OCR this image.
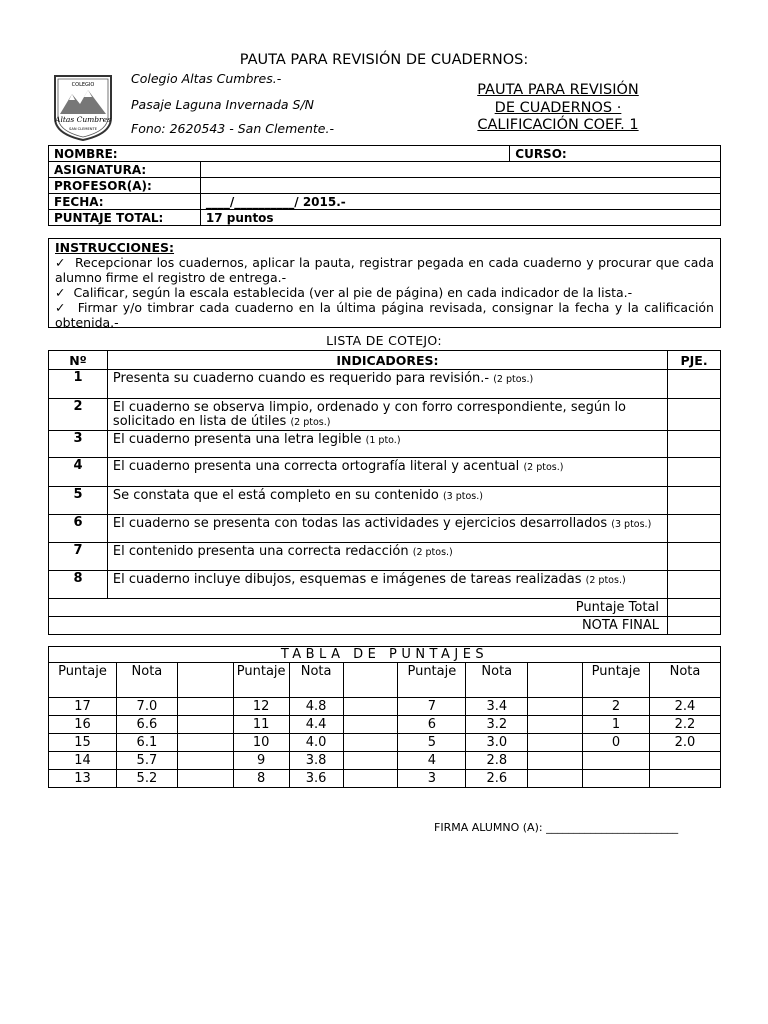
PAUTA PARA REVISIÓN DE CUADERNOS:
COLEGIO
Altas Cumbres
SAN CLEMENTE
Colegio Altas Cumbres.-
Pasaje Laguna Invernada S/N
Fono: 2620543 - San Clemente.-
PAUTA PARA REVISIÓN
DE CUADERNOS ·
CALIFICACIÓN COEF. 1
NOMBRE:		CURSO:
ASIGNATURA:		
PROFESOR(A):		
FECHA:	____/__________/ 2015.-	
PUNTAJE TOTAL:	17 puntos	
INSTRUCCIONES:
✓ Recepcionar los cuadernos, aplicar la pauta, registrar pegada en cada cuaderno y procurar que cada alumno firme el registro de entrega.-
✓ Calificar, según la escala establecida (ver al pie de página) en cada indicador de la lista.-
✓ Firmar y/o timbrar cada cuaderno en la última página revisada, consignar la fecha y la calificación obtenida.-
LISTA DE COTEJO:
Nº	INDICADORES:	PJE.
1	Presenta su cuaderno cuando es requerido para revisión.- (2 ptos.)	
2	El cuaderno se observa limpio, ordenado y con forro correspondiente, según lo solicitado en lista de útiles (2 ptos.)	
3	El cuaderno presenta una letra legible (1 pto.)	
4	El cuaderno presenta una correcta ortografía literal y acentual (2 ptos.)	
5	Se constata que el está completo en su contenido (3 ptos.)	
6	El cuaderno se presenta con todas las actividades y ejercicios desarrollados (3 ptos.)	
7	El contenido presenta una correcta redacción (2 ptos.)	
8	El cuaderno incluye dibujos, esquemas e imágenes de tareas realizadas (2 ptos.)	
Puntaje Total		
NOTA FINAL		
TABLA DE PUNTAJES										
Puntaje	Nota		Puntaje	Nota		Puntaje	Nota		Puntaje	Nota
17	7.0		12	4.8		7	3.4		2	2.4
16	6.6		11	4.4		6	3.2		1	2.2
15	6.1		10	4.0		5	3.0		0	2.0
14	5.7		9	3.8		4	2.8			
13	5.2		8	3.6		3	2.6			
FIRMA ALUMNO (A): ________________________
